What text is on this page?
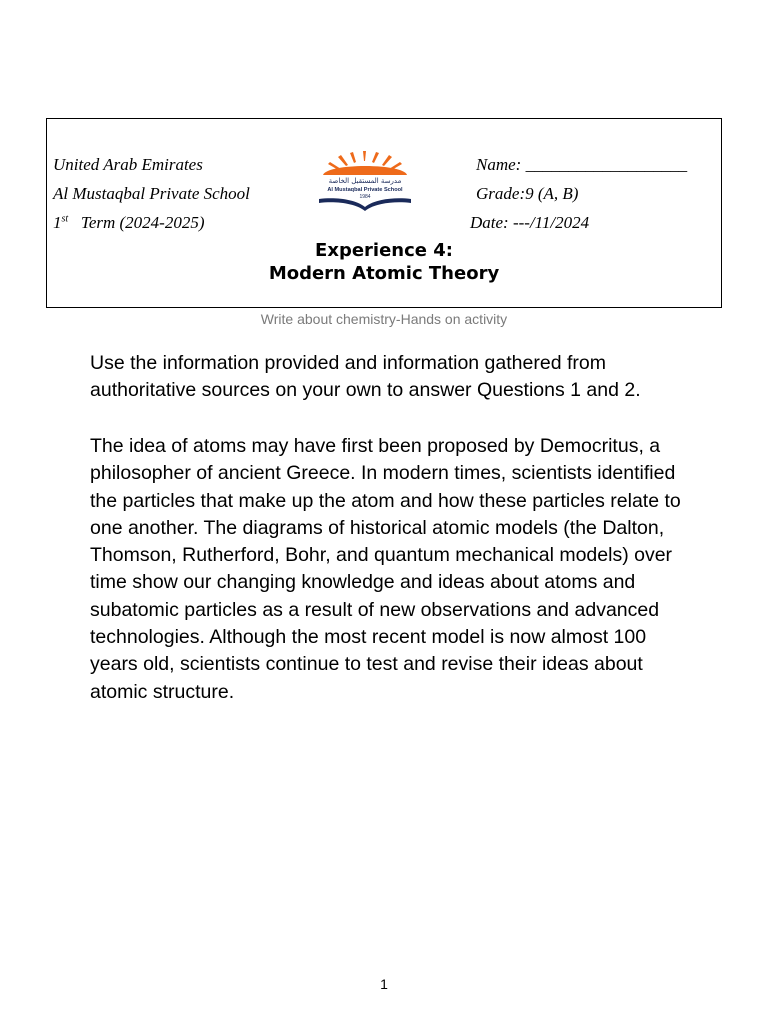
United Arab Emirates
Al Mustaqbal Private School
1st Term (2024-2025)
مدرسة المستقبل الخاصة
Al Mustaqbal Private School
1984
Name: ___________________
Grade:9 (A, B)
Date: ---/11/2024
Experience 4:
Modern Atomic Theory
Write about chemistry-Hands on activity

Use the information provided and information gathered from authoritative sources on your own to answer Questions 1 and 2.

The idea of atoms may have first been proposed by Democritus, a philosopher of ancient Greece. In modern times, scientists identified the particles that make up the atom and how these particles relate to one another. The diagrams of historical atomic models (the Dalton, Thomson, Rutherford, Bohr, and quantum mechanical models) over time show our changing knowledge and ideas about atoms and subatomic particles as a result of new observations and advanced technologies. Although the most recent model is now almost 100 years old, scientists continue to test and revise their ideas about atomic structure.

1
